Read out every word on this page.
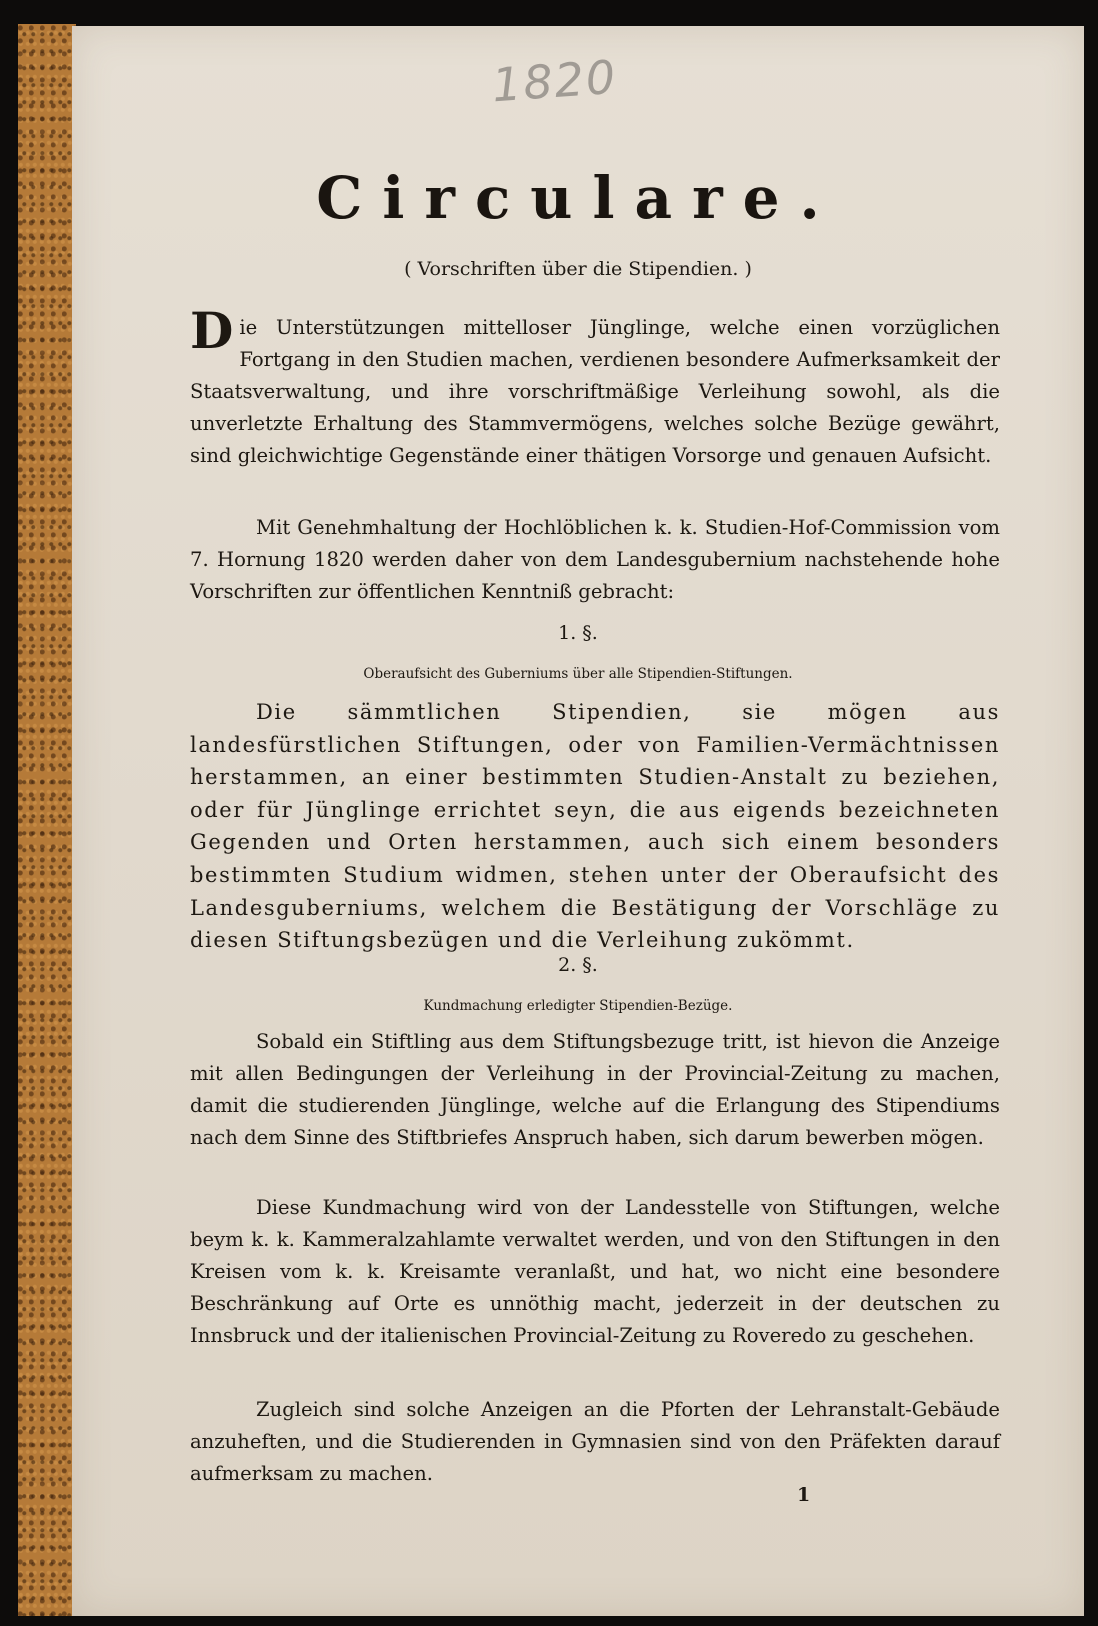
1820
Circulare.
( Vorschriften über die Stipendien. )
Die Unterstützungen mittelloser Jünglinge, welche einen vorzüglichen Fortgang in den Studien machen, verdienen besondere Aufmerksamkeit der Staatsverwaltung, und ihre vorschriftmäßige Verleihung sowohl, als die unverletzte Erhaltung des Stammvermögens, welches solche Bezüge gewährt, sind gleichwichtige Gegenstände einer thätigen Vorsorge und genauen Aufsicht.
Mit Genehmhaltung der Hochlöblichen k. k. Studien-Hof-Commission vom 7. Hornung 1820 werden daher von dem Landesgubernium nachstehende hohe Vorschriften zur öffentlichen Kenntniß gebracht:
1. §.
Oberaufsicht des Guberniums über alle Stipendien-Stiftungen.
Die sämmtlichen Stipendien, sie mögen aus landesfürstlichen Stiftungen, oder von Familien-Vermächtnissen herstammen, an einer bestimmten Studien-Anstalt zu beziehen, oder für Jünglinge errichtet seyn, die aus eigends bezeichneten Gegenden und Orten herstammen, auch sich einem besonders bestimmten Studium widmen, stehen unter der Oberaufsicht des Landesguberniums, welchem die Bestätigung der Vorschläge zu diesen Stiftungsbezügen und die Verleihung zukömmt.
2. §.
Kundmachung erledigter Stipendien-Bezüge.
Sobald ein Stiftling aus dem Stiftungsbezuge tritt, ist hievon die Anzeige mit allen Bedingungen der Verleihung in der Provincial-Zeitung zu machen, damit die studierenden Jünglinge, welche auf die Erlangung des Stipendiums nach dem Sinne des Stiftbriefes Anspruch haben, sich darum bewerben mögen.
Diese Kundmachung wird von der Landesstelle von Stiftungen, welche beym k. k. Kammeralzahlamte verwaltet werden, und von den Stiftungen in den Kreisen vom k. k. Kreisamte veranlaßt, und hat, wo nicht eine besondere Beschränkung auf Orte es unnöthig macht, jederzeit in der deutschen zu Innsbruck und der italienischen Provincial-Zeitung zu Roveredo zu geschehen.
Zugleich sind solche Anzeigen an die Pforten der Lehranstalt-Gebäude anzuheften, und die Studierenden in Gymnasien sind von den Präfekten darauf aufmerksam zu machen.
1
